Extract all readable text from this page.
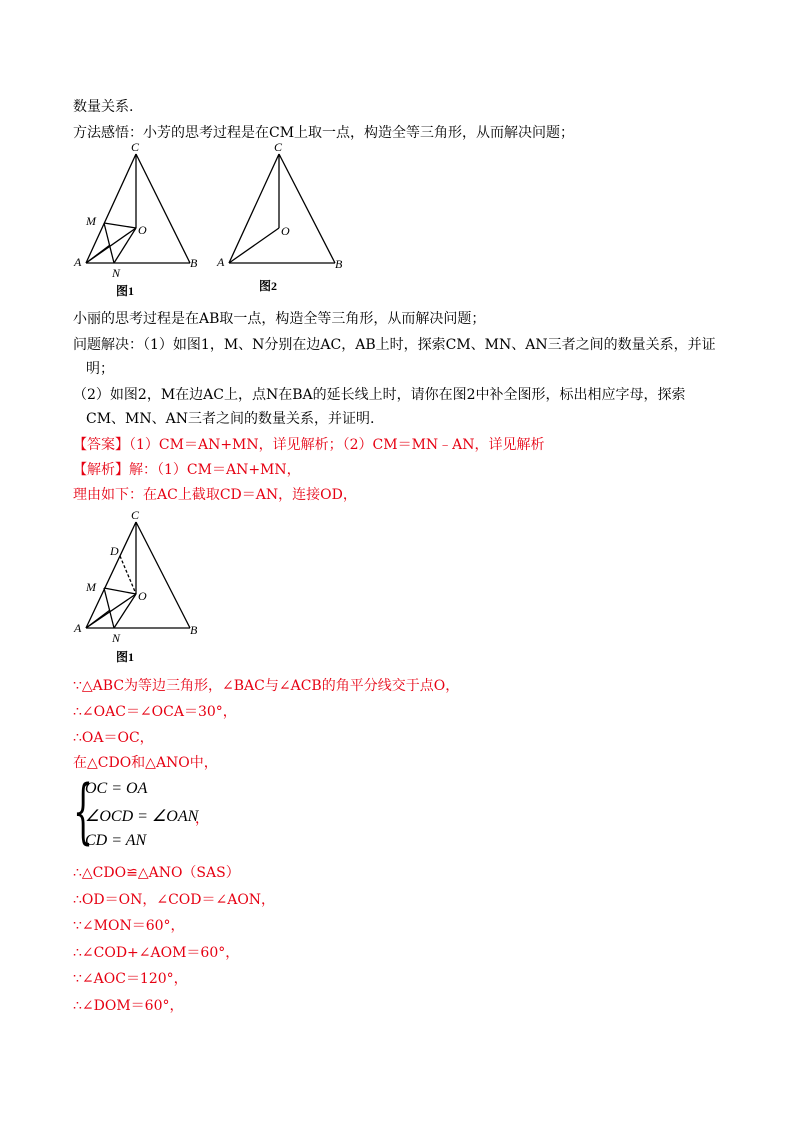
数量关系.
方法感悟：小芳的思考过程是在CM上取一点，构造全等三角形，从而解决问题；
C
M
O
A
N
B
图1
C
O
A	B
图2
小丽的思考过程是在AB取一点，构造全等三角形，从而解决问题；
问题解决：（1）如图1，M、N分别在边AC，AB上时，探索CM、MN、AN三者之间的数量关系，并证
明；
（2）如图2，M在边AC上，点N在BA的延长线上时，请你在图2中补全图形，标出相应字母，探索
CM、MN、AN三者之间的数量关系，并证明.
【答案】（1）CM＝AN+MN，详见解析；（2）CM＝MN﹣AN，详见解析
【解析】解：（1）CM＝AN+MN，
理由如下：在AC上截取CD＝AN，连接OD，
C
D
M
O
A
N
B
图1
∵△ABC为等边三角形，∠BAC与∠ACB的角平分线交于点O，
∴∠OAC＝∠OCA＝30°，
∴OA＝OC，
在△CDO和△ANO中，
{
OC = OA
∠OCD = ∠OAN
CD = AN
，
∴△CDO≌△ANO（SAS）
∴OD＝ON，∠COD＝∠AON，
∵∠MON＝60°，
∴∠COD+∠AOM＝60°，
∵∠AOC＝120°，
∴∠DOM＝60°，
